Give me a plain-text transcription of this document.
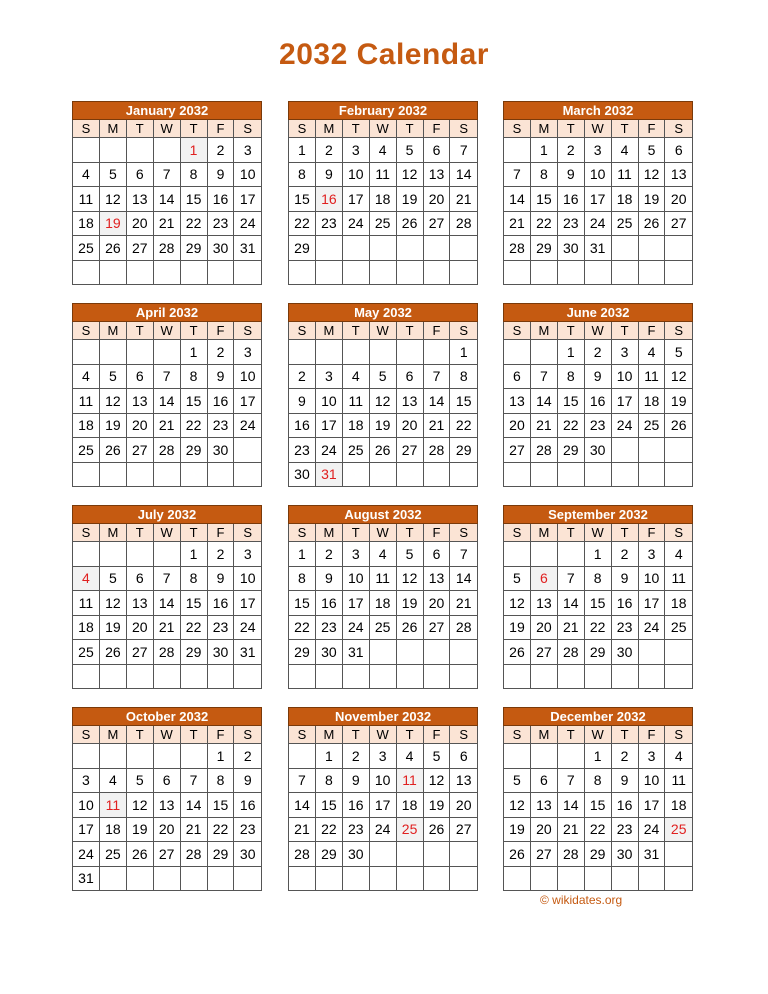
2032 Calendar
January 2032						
S	M	T	W	T	F	S
				1	2	3
4	5	6	7	8	9	10
11	12	13	14	15	16	17
18	19	20	21	22	23	24
25	26	27	28	29	30	31

February 2032						
S	M	T	W	T	F	S
1	2	3	4	5	6	7
8	9	10	11	12	13	14
15	16	17	18	19	20	21
22	23	24	25	26	27	28
29						

March 2032						
S	M	T	W	T	F	S
	1	2	3	4	5	6
7	8	9	10	11	12	13
14	15	16	17	18	19	20
21	22	23	24	25	26	27
28	29	30	31			

April 2032						
S	M	T	W	T	F	S
				1	2	3
4	5	6	7	8	9	10
11	12	13	14	15	16	17
18	19	20	21	22	23	24
25	26	27	28	29	30	

May 2032						
S	M	T	W	T	F	S
						1
2	3	4	5	6	7	8
9	10	11	12	13	14	15
16	17	18	19	20	21	22
23	24	25	26	27	28	29
30	31					
June 2032						
S	M	T	W	T	F	S
		1	2	3	4	5
6	7	8	9	10	11	12
13	14	15	16	17	18	19
20	21	22	23	24	25	26
27	28	29	30			

July 2032						
S	M	T	W	T	F	S
				1	2	3
4	5	6	7	8	9	10
11	12	13	14	15	16	17
18	19	20	21	22	23	24
25	26	27	28	29	30	31

August 2032						
S	M	T	W	T	F	S
1	2	3	4	5	6	7
8	9	10	11	12	13	14
15	16	17	18	19	20	21
22	23	24	25	26	27	28
29	30	31				

September 2032						
S	M	T	W	T	F	S
			1	2	3	4
5	6	7	8	9	10	11
12	13	14	15	16	17	18
19	20	21	22	23	24	25
26	27	28	29	30		

October 2032						
S	M	T	W	T	F	S
					1	2
3	4	5	6	7	8	9
10	11	12	13	14	15	16
17	18	19	20	21	22	23
24	25	26	27	28	29	30
31						
November 2032						
S	M	T	W	T	F	S
	1	2	3	4	5	6
7	8	9	10	11	12	13
14	15	16	17	18	19	20
21	22	23	24	25	26	27
28	29	30				

December 2032						
S	M	T	W	T	F	S
			1	2	3	4
5	6	7	8	9	10	11
12	13	14	15	16	17	18
19	20	21	22	23	24	25
26	27	28	29	30	31	

© wikidates.org
